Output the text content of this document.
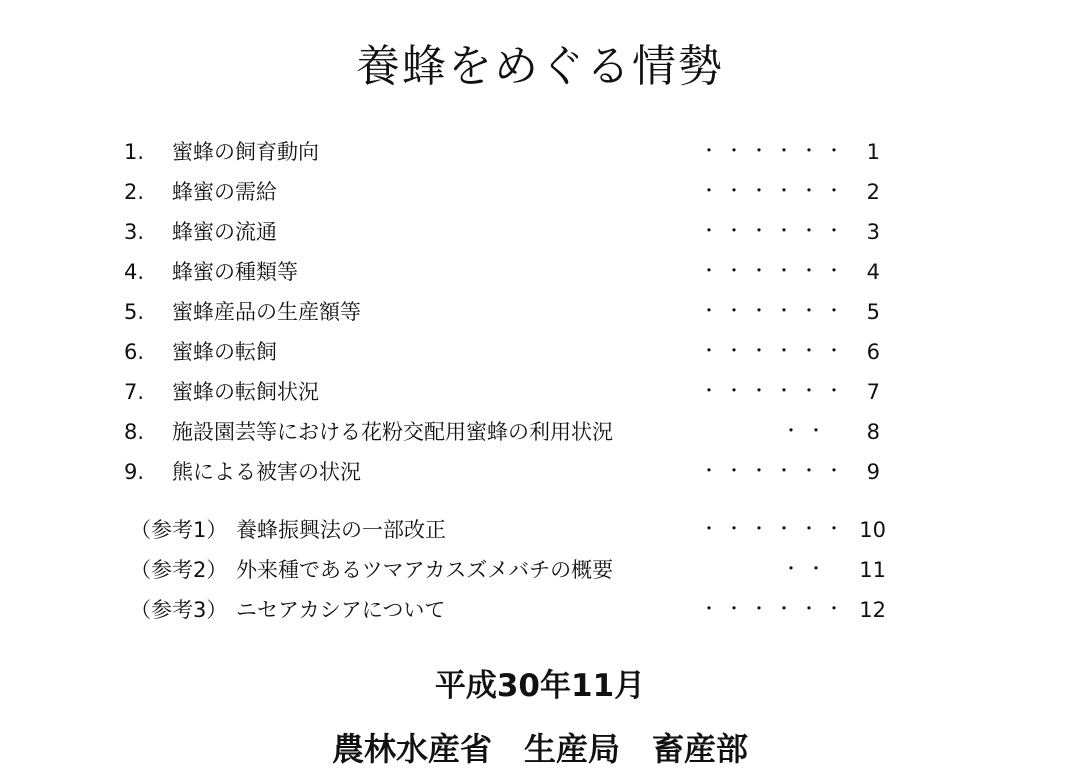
養蜂をめぐる情勢
1.	蜜蜂の飼育動向	・・・・・・ 1
2.	蜂蜜の需給	・・・・・・ 2
3.	蜂蜜の流通	・・・・・・ 3
4.	蜂蜜の種類等	・・・・・・ 4
5.	蜜蜂産品の生産額等	・・・・・・ 5
6.	蜜蜂の転飼	・・・・・・ 6
7.	蜜蜂の転飼状況	・・・・・・ 7
8.	施設園芸等における花粉交配用蜜蜂の利用状況	・・	8
9.	熊による被害の状況	・・・・・・ 9
（参考1） 養蜂振興法の一部改正	・・・・・・ 10
（参考2） 外来種であるツマアカスズメバチの概要	・・	11
（参考3） ニセアカシアについて	・・・・・・ 12

平成30年11月

農林水産省　生産局　畜産部
